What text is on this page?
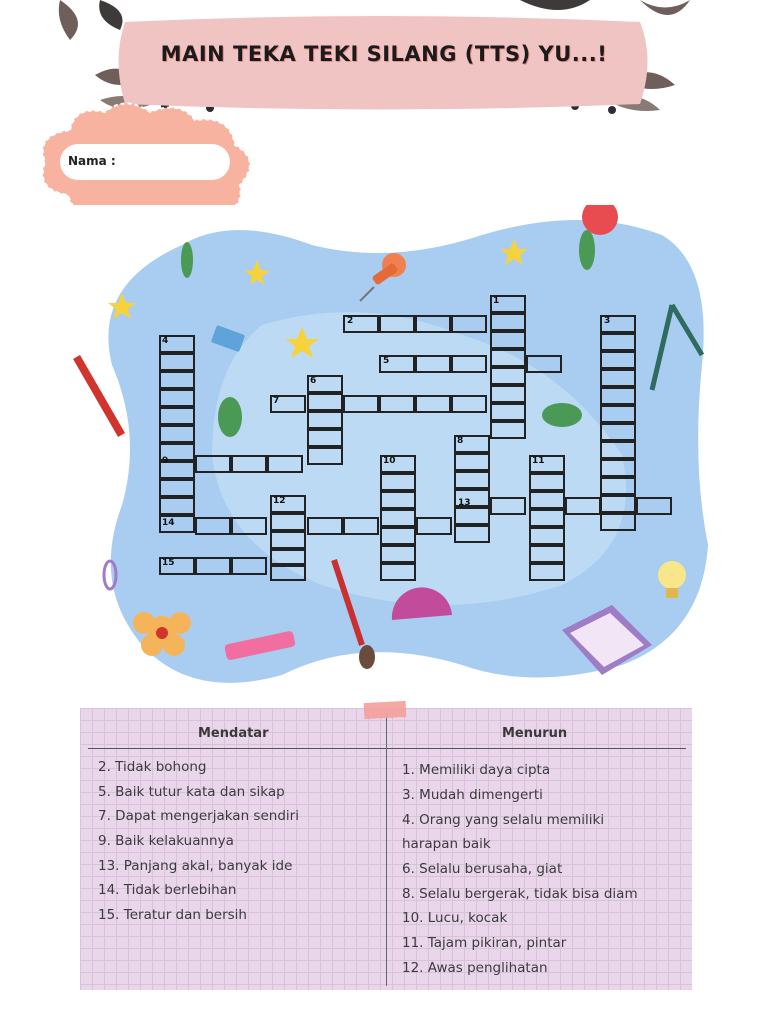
MAIN TEKA TEKI SILANG (TTS) YU...!
Nama :
1
2	3
4
5
6
7
8
9	10	11
12	13
14
15
Mendatar	Menurun
2. Tidak bohong
5. Baik tutur kata dan sikap
7. Dapat mengerjakan sendiri
9. Baik kelakuannya
13. Panjang akal, banyak ide
14. Tidak berlebihan
15. Teratur dan bersih
1. Memiliki daya cipta
3. Mudah dimengerti
4. Orang yang selalu memiliki
harapan baik
6. Selalu berusaha, giat
8. Selalu bergerak, tidak bisa diam
10. Lucu, kocak
11. Tajam pikiran, pintar
12. Awas penglihatan
